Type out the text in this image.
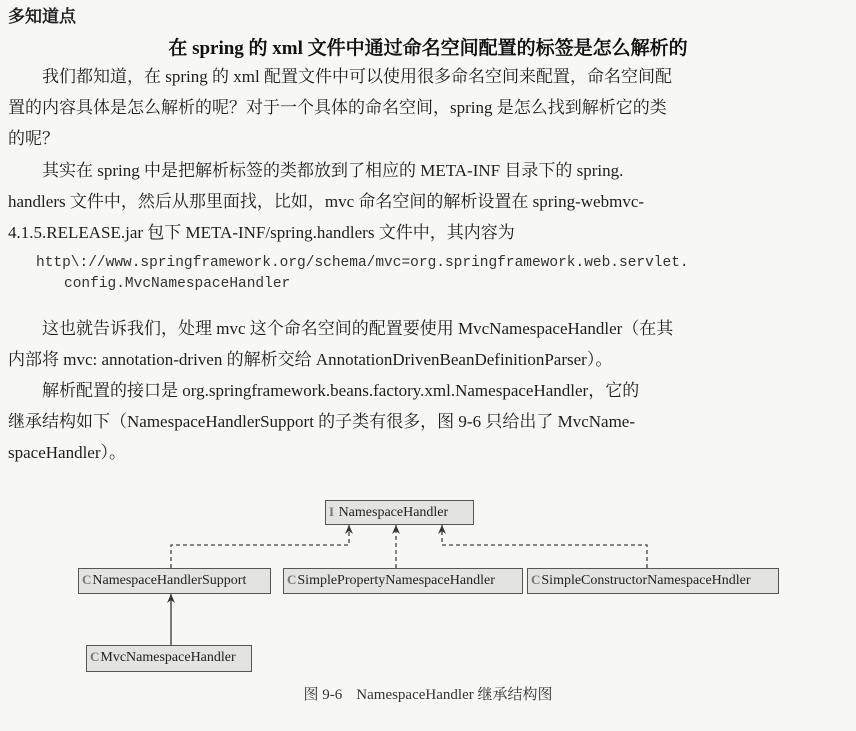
多知道点
在 spring 的 xml 文件中通过命名空间配置的标签是怎么解析的
我们都知道，在 spring 的 xml 配置文件中可以使用很多命名空间来配置，命名空间配
置的内容具体是怎么解析的呢？对于一个具体的命名空间，spring 是怎么找到解析它的类
的呢？
其实在 spring 中是把解析标签的类都放到了相应的 META-INF 目录下的 spring.
handlers 文件中，然后从那里面找，比如，mvc 命名空间的解析设置在 spring-webmvc-
4.1.5.RELEASE.jar 包下 META-INF/spring.handlers 文件中，其内容为
http\://www.springframework.org/schema/mvc=org.springframework.web.servlet.
config.MvcNamespaceHandler
这也就告诉我们，处理 mvc 这个命名空间的配置要使用 MvcNamespaceHandler（在其
内部将 mvc: annotation-driven 的解析交给 AnnotationDrivenBeanDefinitionParser）。
解析配置的接口是 org.springframework.beans.factory.xml.NamespaceHandler，它的
继承结构如下（NamespaceHandlerSupport 的子类有很多，图 9-6 只给出了 MvcName-
spaceHandler）。
I NamespaceHandler
CNamespaceHandlerSupport	CSimplePropertyNamespaceHandler	CSimpleConstructorNamespaceHndler
CMvcNamespaceHandler
图 9-6 NamespaceHandler 继承结构图
